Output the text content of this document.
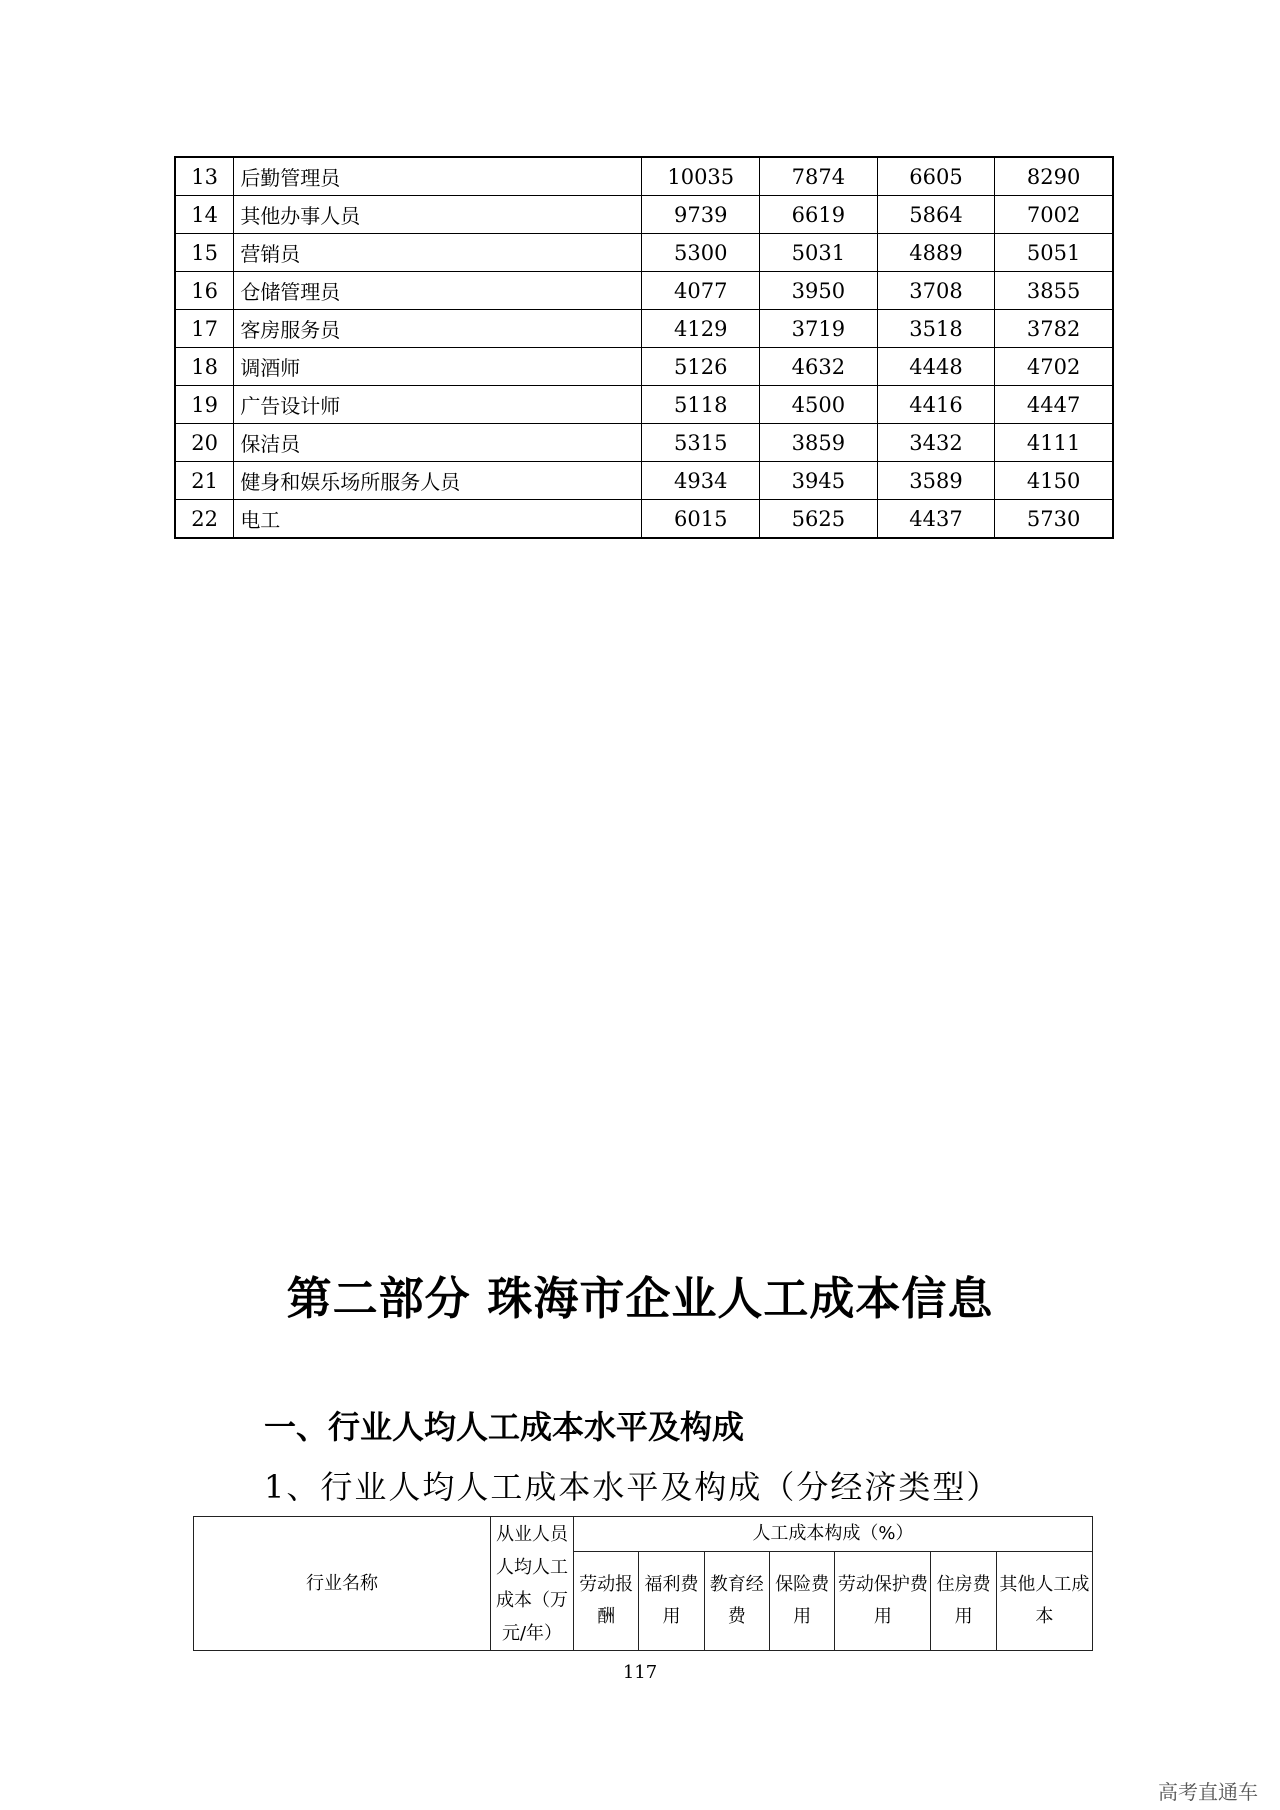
13	后勤管理员	10035	7874	6605	8290
14	其他办事人员	9739	6619	5864	7002
15	营销员	5300	5031	4889	5051
16	仓储管理员	4077	3950	3708	3855
17	客房服务员	4129	3719	3518	3782
18	调酒师	5126	4632	4448	4702
19	广告设计师	5118	4500	4416	4447
20	保洁员	5315	3859	3432	4111
21	健身和娱乐场所服务人员	4934	3945	3589	4150
22	电工	6015	5625	4437	5730
第二部分 珠海市企业人工成本信息
一、行业人均人工成本水平及构成
1、行业人均人工成本水平及构成（分经济类型）
行业名称	从业人员人均人工成本（万元/年）	人工成本构成（%）						
		劳动报酬	福利费用	教育经费	保险费用	劳动保护费用	住房费用	其他人工成本
117
高考直通车
